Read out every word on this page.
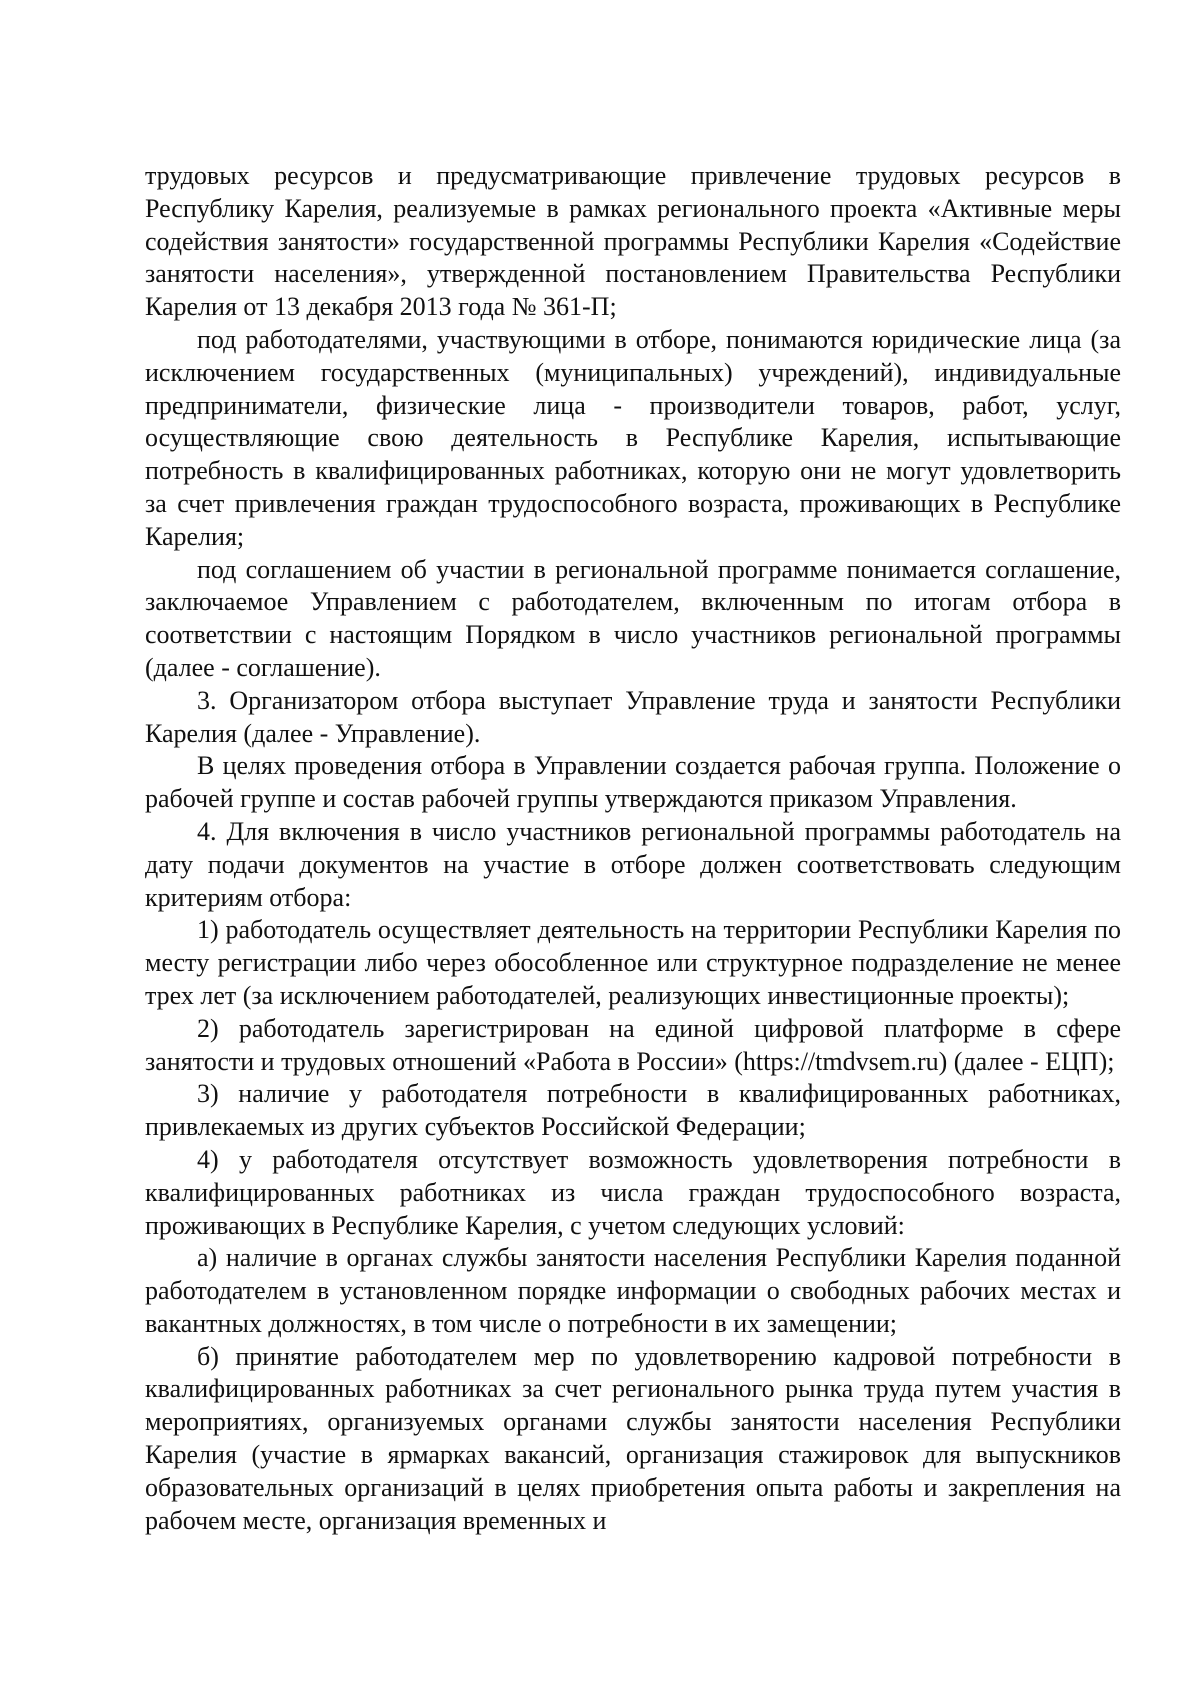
трудовых ресурсов и предусматривающие привлечение трудовых ресурсов в Республику Карелия, реализуемые в рамках регионального проекта «Активные меры содействия занятости» государственной программы Республики Карелия «Содействие занятости населения», утвержденной постановлением Правительства Республики Карелия от 13 декабря 2013 года № 361-П;

под работодателями, участвующими в отборе, понимаются юридические лица (за исключением государственных (муниципальных) учреждений), индивидуальные предприниматели, физические лица - производители товаров, работ, услуг, осуществляющие свою деятельность в Республике Карелия, испытывающие потребность в квалифицированных работниках, которую они не могут удовлетворить за счет привлечения граждан трудоспособного возраста, проживающих в Республике Карелия;

под соглашением об участии в региональной программе понимается соглашение, заключаемое Управлением с работодателем, включенным по итогам отбора в соответствии с настоящим Порядком в число участников региональной программы (далее - соглашение).

3. Организатором отбора выступает Управление труда и занятости Республики Карелия (далее - Управление).

В целях проведения отбора в Управлении создается рабочая группа. Положение о рабочей группе и состав рабочей группы утверждаются приказом Управления.

4. Для включения в число участников региональной программы работодатель на дату подачи документов на участие в отборе должен соответствовать следующим критериям отбора:

1) работодатель осуществляет деятельность на территории Республики Карелия по месту регистрации либо через обособленное или структурное подразделение не менее трех лет (за исключением работодателей, реализующих инвестиционные проекты);

2) работодатель зарегистрирован на единой цифровой платформе в сфере занятости и трудовых отношений «Работа в России» (https://tmdvsem.ru) (далее - ЕЦП);

3) наличие у работодателя потребности в квалифицированных работниках, привлекаемых из других субъектов Российской Федерации;

4) у работодателя отсутствует возможность удовлетворения потребности в квалифицированных работниках из числа граждан трудоспособного возраста, проживающих в Республике Карелия, с учетом следующих условий:

а) наличие в органах службы занятости населения Республики Карелия поданной работодателем в установленном порядке информации о свободных рабочих местах и вакантных должностях, в том числе о потребности в их замещении;

б) принятие работодателем мер по удовлетворению кадровой потребности в квалифицированных работниках за счет регионального рынка труда путем участия в мероприятиях, организуемых органами службы занятости населения Республики Карелия (участие в ярмарках вакансий, организация стажировок для выпускников образовательных организаций в целях приобретения опыта работы и закрепления на рабочем месте, организация временных и
